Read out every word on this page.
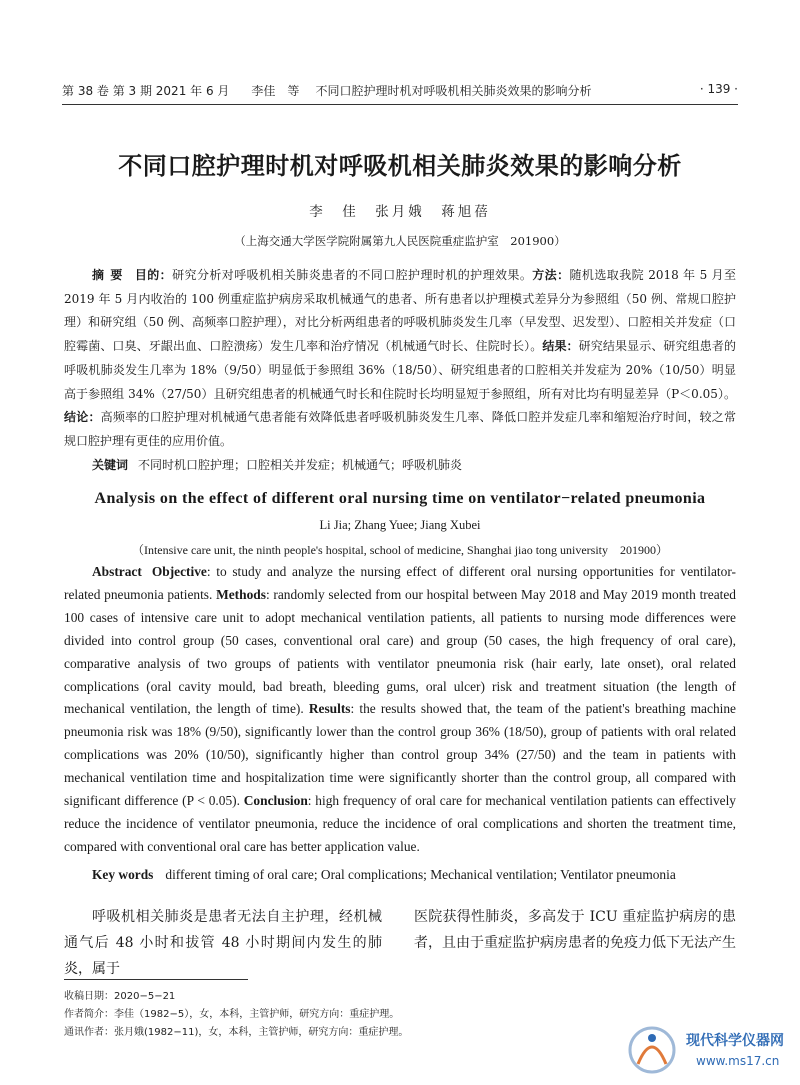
第 38 卷 第 3 期 2021 年 6 月 李佳　等 不同口腔护理时机对呼吸机相关肺炎效果的影响分析	· 139 ·
不同口腔护理时机对呼吸机相关肺炎效果的影响分析
李　佳　张月娥　蒋旭蓓
（上海交通大学医学院附属第九人民医院重症监护室　201900）
摘要 目的：研究分析对呼吸机相关肺炎患者的不同口腔护理时机的护理效果。方法：随机选取我院 2018 年 5 月至 2019 年 5 月内收治的 100 例重症监护病房采取机械通气的患者、所有患者以护理模式差异分为参照组（50 例、常规口腔护理）和研究组（50 例、高频率口腔护理），对比分析两组患者的呼吸机肺炎发生几率（早发型、迟发型）、口腔相关并发症（口腔霉菌、口臭、牙龈出血、口腔溃疡）发生几率和治疗情况（机械通气时长、住院时长）。结果：研究结果显示、研究组患者的呼吸机肺炎发生几率为 18%（9/50）明显低于参照组 36%（18/50）、研究组患者的口腔相关并发症为 20%（10/50）明显高于参照组 34%（27/50）且研究组患者的机械通气时长和住院时长均明显短于参照组，所有对比均有明显差异（P＜0.05）。结论：高频率的口腔护理对机械通气患者能有效降低患者呼吸机肺炎发生几率、降低口腔并发症几率和缩短治疗时间，较之常规口腔护理有更佳的应用价值。
关键词 不同时机口腔护理；口腔相关并发症；机械通气；呼吸机肺炎
Analysis on the effect of different oral nursing time on ventilator−related pneumonia
Li Jia; Zhang Yuee; Jiang Xubei
（Intensive care unit, the ninth people's hospital, school of medicine, Shanghai jiao tong university　201900）
Abstract Objective: to study and analyze the nursing effect of different oral nursing opportunities for ventilator-related pneumonia patients. Methods: randomly selected from our hospital between May 2018 and May 2019 month treated 100 cases of intensive care unit to adopt mechanical ventilation patients, all patients to nursing mode differences were divided into control group (50 cases, conventional oral care) and group (50 cases, the high frequency of oral care), comparative analysis of two groups of patients with ventilator pneumonia risk (hair early, late onset), oral related complications (oral cavity mould, bad breath, bleeding gums, oral ulcer) risk and treatment situation (the length of mechanical ventilation, the length of time). Results: the results showed that, the team of the patient's breathing machine pneumonia risk was 18% (9/50), significantly lower than the control group 36% (18/50), group of patients with oral related complications was 20% (10/50), significantly higher than control group 34% (27/50) and the team in patients with mechanical ventilation time and hospitalization time were significantly shorter than the control group, all compared with significant difference (P < 0.05). Conclusion: high frequency of oral care for mechanical ventilation patients can effectively reduce the incidence of ventilator pneumonia, reduce the incidence of oral complications and shorten the treatment time, compared with conventional oral care has better application value.
Key words different timing of oral care; Oral complications; Mechanical ventilation; Ventilator pneumonia
呼吸机相关肺炎是患者无法自主护理，经机械通气后 48 小时和拔管 48 小时期间内发生的肺炎，属于
医院获得性肺炎，多高发于 ICU 重症监护病房的患者，且由于重症监护病房患者的免疫力低下无法产生
收稿日期：2020−5−21
作者简介：李佳（1982−5），女，本科，主管护师，研究方向：重症护理。
通讯作者：张月娥(1982−11)，女，本科，主管护师，研究方向：重症护理。
现代科学仪器网
www.ms17.cn
